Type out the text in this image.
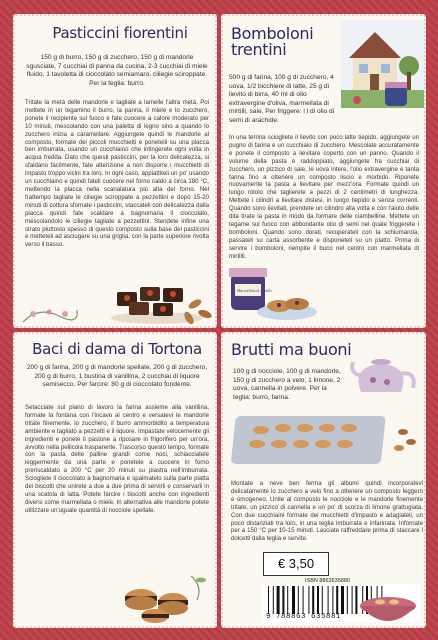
Pasticcini fiorentini
150 g di burro, 150 g di zucchero, 150 g di mandorle sgusciate, 7 cucchiai di panna da cucina, 2-3 cucchiai di miele fluido, 1 tavoletta di cioccolato semiamaro, ciliegie sciroppate. Per la teglia: burro.
Tritate la metà delle mandorle e tagliate a lamelle l'altra metà. Poi mettete in un tegamino il burro, la panna, il miele e lo zucchero, ponete il recipiente sul fuoco e fate cuocere a calore moderato per 10 minuti, mescolando con una paletta di legno sino a quando lo zucchero inizia a caramellare. Aggiungete quindi le mandorle al composto, formate dei piccoli mucchietti e ponetelii su una placca ben imburrata, usando un cucchiaino che intingerete ogni volta in acqua fredda. Dato che questi pasticcini, per la loro delicatezza, si sfaldano facilmente, fate attenzione a non disporre i mucchietti di impasto troppo vicini tra loro. In ogni caso, appiattiteli un po' usando un cucchiaino e quindi fateli cuocere nel forno caldo a circa 180 °C, mettendo la placca nella scanalatura più alta del forno. Nel frattempo tagliate le ciliegie sciroppate a pezzettini e dopo 15-20 minuti di cottura sfornate i pasticcini, staccateli con delicatezza dalla placca quindi fate scaldare a bagnomaria il cioccolato, mescolandolo le ciliegie tagliate a pezzettini. Stendete infine una strato piuttosto spesso di questo composto sulla base dei pasticcini e metteteli ad asciugare su una griglia, con la parte superiore rivolta verso il basso.
Bomboloni trentini
500 g di farina, 100 g di zucchero, 4 uova, 1/2 bicchiere di latte, 25 g di lievito di birra, 40 ml di olio extravergine d'oliva, marmellata di mirtilli, sale. Per friggere: l l di olio di semi di arachide.
In una terrina sciogliete il lievito con poco latte tiepido, aggiungete un pugno di farina e un cucchiaio di zucchero. Mescolate accuratamente e ponete il composto a lievitare coperto con un panno. Quando il volume della pasta è raddoppiato, aggiungete fra cucchiai di zucchero, un pizzico di sale, le uova intere, l'olio extravergine e tanta farina fino a ottenere un composto liscio e morbido. Riponete nuovamente la pasta a lievitare per mezz'ora. Formate quindi un lungo rotolo che taglierete a pezzi di 2 centimetri di lunghezza. Mettete i cilindri a lievitare distesi, in luogo tiepido e senza correnti. Quando sono lievitati, prendete un cilindro alla volta e con l'aiuto delle dita tirate la pasta in modo da formare delle ciambelline. Mettete un tegame sul fuoco con abbondante olio di semi nel quale friggerete i bomboloni. Quando sono dorati, recuperateli con la schiumarola, passateli su carta assorbente e disponeteli su un piatto. Prima di servire i bomboloni, riempite il buco nel centro con marmellata di mirtilli.
Marmellata di mirtilli
Baci di dama di Tortona
200 g di farina, 200 g di mandorle spellate, 200 g di zucchero, 200 g di burro, 1 bustina di vanillina, 2 cucchiai di liquore semisecco. Per farcire: 80 g di cioccolato fondente.
Setacciate sul piano di lavoro la farina assieme alla vanillina, formate la fontana con l'incavo al centro e versatevi le mandorle tritate finemente, lo zucchero, il burro ammorbidito a temperatura ambiente e tagliato a pezzetti e il liquore. Impastate velocemente gli ingredienti e ponete il pastone a riposare in frigorifero per un'ora, avvolto nella pellicola trasparente. Trascorso questo tempo, formate con la pasta delle palline grandi come noci, schiacciatele leggermente da una parte e ponetele a cuocere in forno preriscaldato a 200 °C per 20 minuti su piastra nell'imburrata. Sciogliete il cioccolato a bagnomaria e spalmatelo sulla parte piatta dei biscotti che unirete a due a due prima di servirli e conservarli in una scatola di latta. Potete farcire i biscotti anche con ingredienti diversi come marmellata o miele. In alternativa alle mandorle potete utilizzare un'uguale quantità di nocciole spellate.
Brutti ma buoni
100 g di nocciole, 100 g di mandorle, 150 g di zucchero a velo, 1 limone, 2 uova, cannella in polvere. Per la teglia: burro, farina.
Montate a neve ben ferma gli albumi quindi incorporatevi delicatamente lo zucchero a velo fino a ottenere un composto leggero e omogeneo. Unite al composto le nocciole e le mandorle finemente tritate, un pizzico di cannella e un po' di scorza di limone grattugiata. Con due cucchiaini formate dei mucchietti d'impasto e adagiateli, un poco distanziati tra loro, in una teglia imburrata e infarinata. Infornate per a 150 °C per 10-15 minuti. Lasciate raffreddare prima di staccare i dolcetti dalla teglia e servite.
€ 3,50
9 788863 635881
ISBN 8863635880
